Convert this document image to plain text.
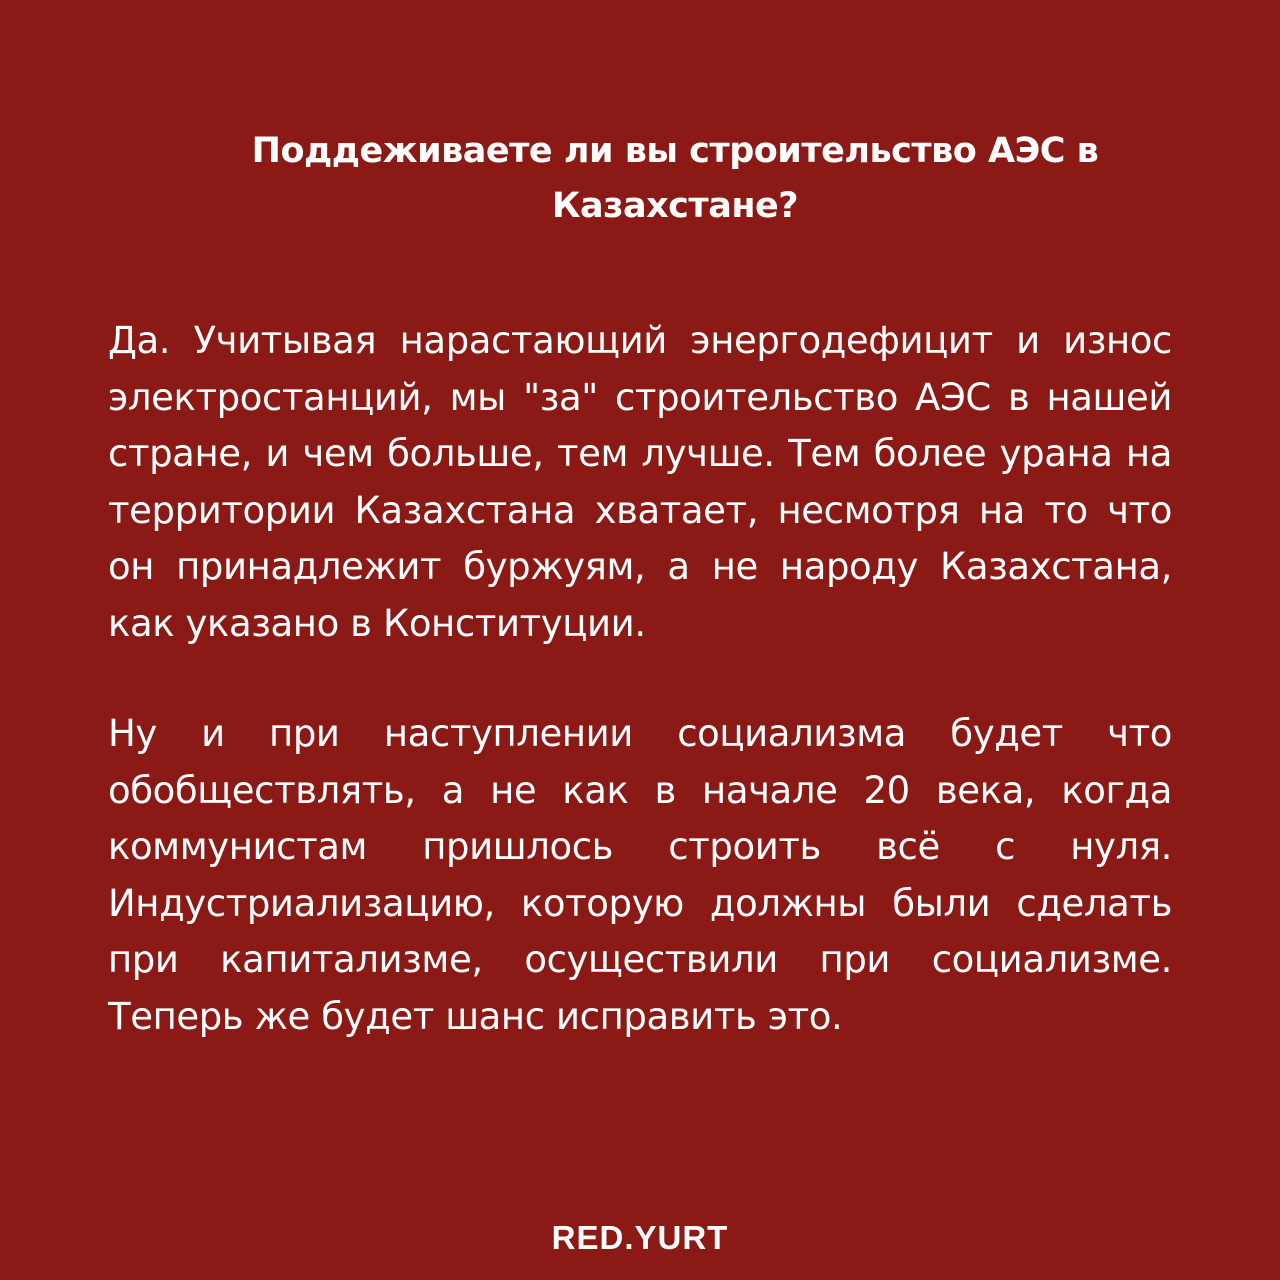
Поддеживаете ли вы строительство АЭС в Казахстане?

Да. Учитывая нарастающий энергодефицит и износ электростанций, мы "за" строительство АЭС в нашей стране, и чем больше, тем лучше. Тем более урана на территории Казахстана хватает, несмотря на то что он принадлежит буржуям, а не народу Казахстана, как указано в Конституции.

Ну и при наступлении социализма будет что обобществлять, а не как в начале 20 века, когда коммунистам пришлось строить всё с нуля. Индустриализацию, которую должны были сделать при капитализме, осуществили при социализме. Теперь же будет шанс исправить это.

RED.YURT
